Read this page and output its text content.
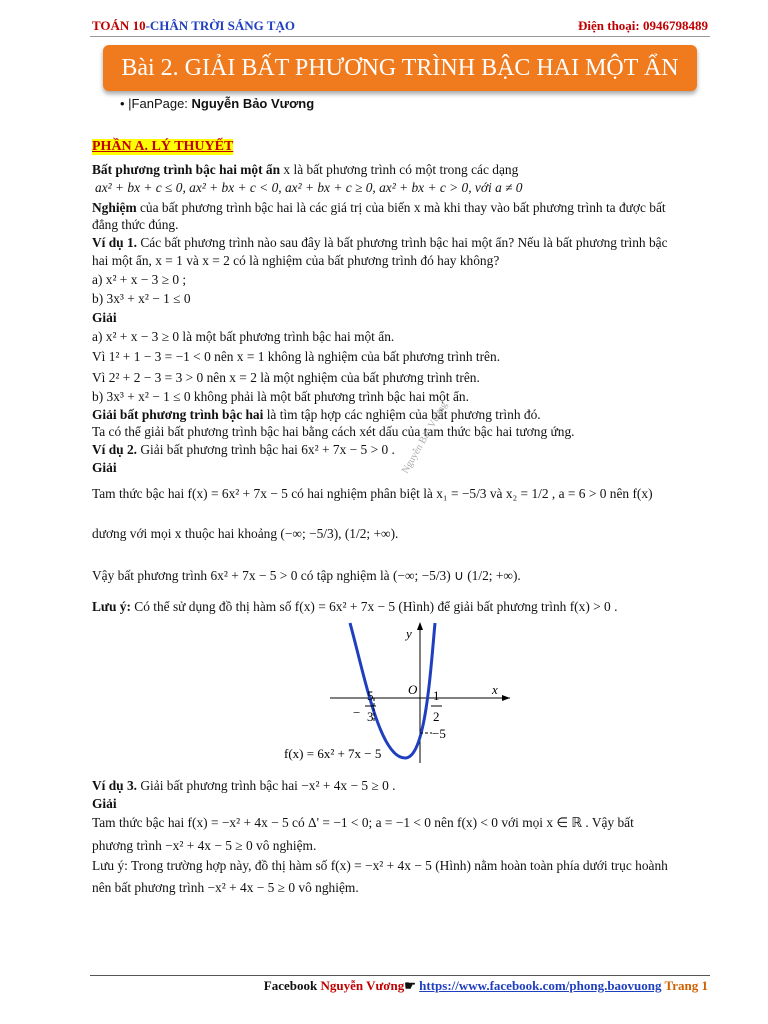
TOÁN 10-CHÂN TRỜI SÁNG TẠO	Điện thoại: 0946798489
Bài 2. GIẢI BẤT PHƯƠNG TRÌNH BẬC HAI MỘT ẨN
• |FanPage: Nguyễn Bảo Vương
PHẦN A. LÝ THUYẾT
Bất phương trình bậc hai một ẩn x là bất phương trình có một trong các dạng
ax² + bx + c ≤ 0, ax² + bx + c < 0, ax² + bx + c ≥ 0, ax² + bx + c > 0, với a ≠ 0
Nghiệm của bất phương trình bậc hai là các giá trị của biến x mà khi thay vào bất phương trình ta được bất
đẳng thức đúng.
Ví dụ 1. Các bất phương trình nào sau đây là bất phương trình bậc hai một ẩn? Nếu là bất phương trình bậc
hai một ẩn, x = 1 và x = 2 có là nghiệm của bất phương trình đó hay không?
a) x² + x − 3 ≥ 0 ;
b) 3x³ + x² − 1 ≤ 0
Giải
a) x² + x − 3 ≥ 0 là một bất phương trình bậc hai một ẩn.
Vì 1² + 1 − 3 = −1 < 0 nên x = 1 không là nghiệm của bất phương trình trên.
Vì 2² + 2 − 3 = 3 > 0 nên x = 2 là một nghiệm của bất phương trình trên.
b) 3x³ + x² − 1 ≤ 0 không phải là một bất phương trình bậc hai một ẩn.
Giải bất phương trình bậc hai là tìm tập hợp các nghiệm của bất phương trình đó.
Ta có thể giải bất phương trình bậc hai bằng cách xét dấu của tam thức bậc hai tương ứng.
Ví dụ 2. Giải bất phương trình bậc hai 6x² + 7x − 5 > 0 .
Giải
Tam thức bậc hai f(x) = 6x² + 7x − 5 có hai nghiệm phân biệt là x₁ = −5/3 và x₂ = 1/2 , a = 6 > 0 nên f(x)
dương với mọi x thuộc hai khoảng (−∞; −5/3), (1/2; +∞).
Vậy bất phương trình 6x² + 7x − 5 > 0 có tập nghiệm là (−∞; −5/3) ∪ (1/2; +∞).
Lưu ý: Có thể sử dụng đồ thị hàm số f(x) = 6x² + 7x − 5 (Hình) để giải bất phương trình f(x) > 0 .
Nguyễn Bảo Vương
y
x
O
−
5
3
1
2
−5
f(x) = 6x² + 7x − 5
Ví dụ 3. Giải bất phương trình bậc hai −x² + 4x − 5 ≥ 0 .
Giải
Tam thức bậc hai f(x) = −x² + 4x − 5 có Δ' = −1 < 0; a = −1 < 0 nên f(x) < 0 với mọi x ∈ ℝ . Vậy bất
phương trình −x² + 4x − 5 ≥ 0 vô nghiệm.
Lưu ý: Trong trường hợp này, đồ thị hàm số f(x) = −x² + 4x − 5 (Hình) nằm hoàn toàn phía dưới trục hoành
nên bất phương trình −x² + 4x − 5 ≥ 0 vô nghiệm.
Facebook Nguyễn Vương☛ https://www.facebook.com/phong.baovuong Trang 1
